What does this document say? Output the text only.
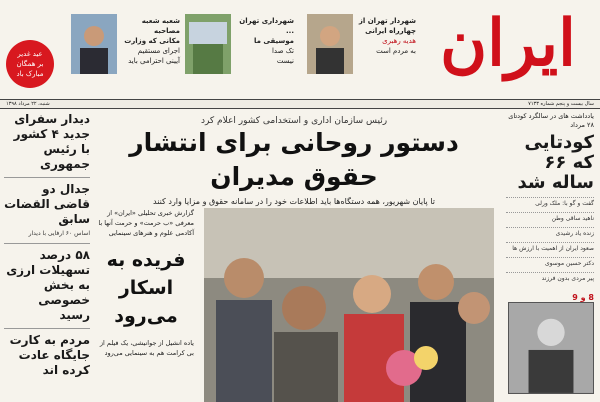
ایران
شهردار تهران از
چهارراه ایرانی
هدیه رهبری
به مردم است
شهرداری تهران ...
موسیقی ما
تک صدا
نیست
شعبه شعبه مصاحبه
مکانی که وزارت
اجرای مستقیم
آیینی احترامی باید
عید غدیر
بر همگان
مبارک باد
سال بیست و پنجم شماره ۷۱۳۳
شنبه، ۲۲ مرداد ۱۳۹۸
یادداشت های در سالگرد کودتای ۲۸ مرداد
کودتایی که ۶۶ ساله شد
گفت و گو با: ملک ورلی
ناهید ساقی وطن
زنده یاد رشیدی
صعود ایران از اهمیت با ارزش ها
دکتر حسین موسوی
پیر مردی بدون فرزند
8 و 9
رئیس سازمان اداری و استخدامی کشور اعلام کرد
دستور روحانی برای انتشار حقوق مدیران
تا پایان شهریور، همه دستگاه‌ها باید اطلاعات خود را در سامانه حقوق و مزایا وارد کنند
گزارش خبری تحلیلی «ایران» از معرفی «ب حرمت» و حرمت آنها با آکادمی علوم و هنرهای سینمایی
فریده به اسکار می‌رود
یاده انشیل از جوانیشی، یک فیلم از بی کرامت هم به سینمایی می‌رود
دیدار سفرای جدید ۴ کشور با رئیس جمهوری
جدال دو قاضی القضات سابق
اساس ۶۰ ارفایی با دیدار
۵۸ درصد تسهیلات ارزی به بخش خصوصی رسید
مردم به کارت جایگاه عادت کرده اند
